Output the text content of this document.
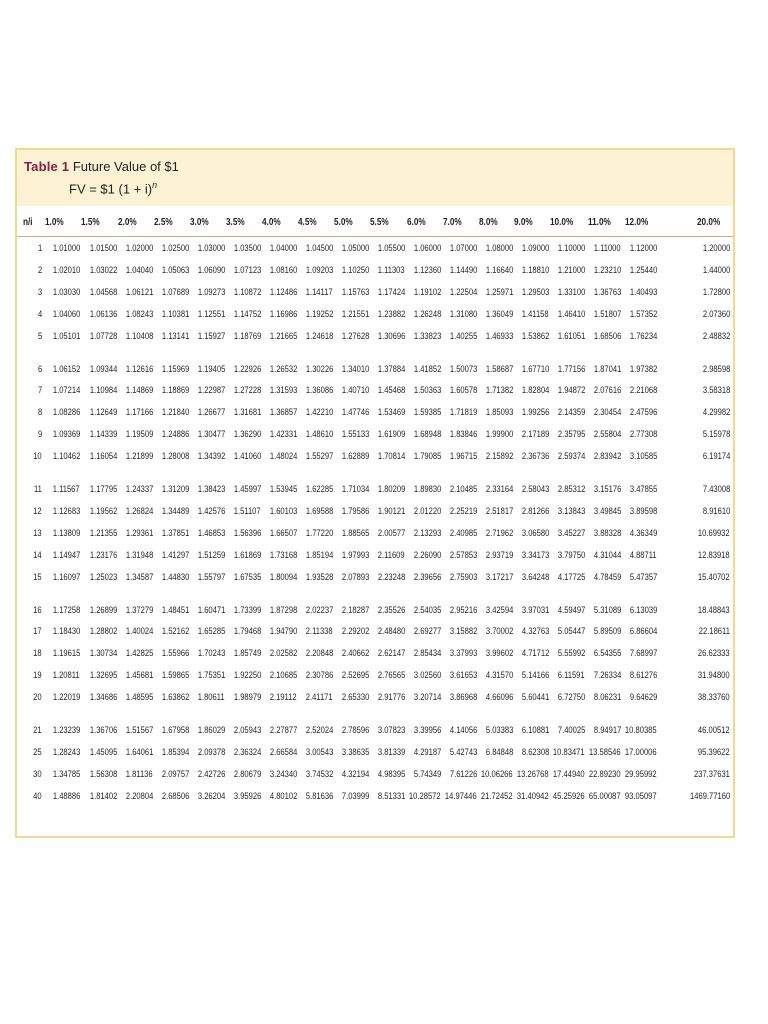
Table 1 Future Value of $1
FV = $1 $(1 + i)^n$
n/i 1.0% 1.5% 2.0% 2.5% 3.0% 3.5% 4.0% 4.5% 5.0% 5.5% 6.0% 7.0% 8.0% 9.0% 10.0% 11.0% 12.0%	20.0%
1 1.01000 1.01500 1.02000 1.02500 1.03000 1.03500 1.04000 1.04500 1.05000 1.05500 1.06000 1.07000 1.08000 1.09000 1.10000 1.11000 1.12000	1.20000
2 1.02010 1.03022 1.04040 1.05063 1.06090 1.07123 1.08160 1.09203 1.10250 1.11303 1.12360 1.14490 1.16640 1.18810 1.21000 1.23210 1.25440	1.44000
3 1.03030 1.04568 1.06121 1.07689 1.09273 1.10872 1.12486 1.14117 1.15763 1.17424 1.19102 1.22504 1.25971 1.29503 1.33100 1.36763 1.40493	1.72800
4 1.04060 1.06136 1.08243 1.10381 1.12551 1.14752 1.16986 1.19252 1.21551 1.23882 1.26248 1.31080 1.36049 1.41158 1.46410 1.51807 1.57352	2.07360
5 1.05101 1.07728 1.10408 1.13141 1.15927 1.18769 1.21665 1.24618 1.27628 1.30696 1.33823 1.40255 1.46933 1.53862 1.61051 1.68506 1.76234	2.48832
6 1.06152 1.09344 1.12616 1.15969 1.19405 1.22926 1.26532 1.30226 1.34010 1.37884 1.41852 1.50073 1.58687 1.67710 1.77156 1.87041 1.97382	2.98598
7 1.07214 1.10984 1.14869 1.18869 1.22987 1.27228 1.31593 1.36086 1.40710 1.45468 1.50363 1.60578 1.71382 1.82804 1.94872 2.07616 2.21068	3.58318
8 1.08286 1.12649 1.17166 1.21840 1.26677 1.31681 1.36857 1.42210 1.47746 1.53469 1.59385 1.71819 1.85093 1.99256 2.14359 2.30454 2.47596	4.29982
9 1.09369 1.14339 1.19509 1.24886 1.30477 1.36290 1.42331 1.48610 1.55133 1.61909 1.68948 1.83846 1.99900 2.17189 2.35795 2.55804 2.77308	5.15978
10 1.10462 1.16054 1.21899 1.28008 1.34392 1.41060 1.48024 1.55297 1.62889 1.70814 1.79085 1.96715 2.15892 2.36736 2.59374 2.83942 3.10585	6.19174
11 1.11567 1.17795 1.24337 1.31209 1.38423 1.45997 1.53945 1.62285 1.71034 1.80209 1.89830 2.10485 2.33164 2.58043 2.85312 3.15176 3.47855	7.43008
12 1.12683 1.19562 1.26824 1.34489 1.42576 1.51107 1.60103 1.69588 1.79586 1.90121 2.01220 2.25219 2.51817 2.81266 3.13843 3.49845 3.89598	8.91610
13 1.13809 1.21355 1.29361 1.37851 1.46853 1.56396 1.66507 1.77220 1.88565 2.00577 2.13293 2.40985 2.71962 3.06580 3.45227 3.88328 4.36349	10.69932
14 1.14947 1.23176 1.31948 1.41297 1.51259 1.61869 1.73168 1.85194 1.97993 2.11609 2.26090 2.57853 2.93719 3.34173 3.79750 4.31044 4.88711	12.83918
15 1.16097 1.25023 1.34587 1.44830 1.55797 1.67535 1.80094 1.93528 2.07893 2.23248 2.39656 2.75903 3.17217 3.64248 4.17725 4.78459 5.47357	15.40702
16 1.17258 1.26899 1.37279 1.48451 1.60471 1.73399 1.87298 2.02237 2.18287 2.35526 2.54035 2.95216 3.42594 3.97031 4.59497 5.31089 6.13039	18.48843
17 1.18430 1.28802 1.40024 1.52162 1.65285 1.79468 1.94790 2.11338 2.29202 2.48480 2.69277 3.15882 3.70002 4.32763 5.05447 5.89509 6.86604	22.18611
18 1.19615 1.30734 1.42825 1.55966 1.70243 1.85749 2.02582 2.20848 2.40662 2.62147 2.85434 3.37993 3.99602 4.71712 5.55992 6.54355 7.68997	26.62333
19 1.20811 1.32695 1.45681 1.59865 1.75351 1.92250 2.10685 2.30786 2.52695 2.76565 3.02560 3.61653 4.31570 5.14166 6.11591 7.26334 8.61276	31.94800
20 1.22019 1.34686 1.48595 1.63862 1.80611 1.98979 2.19112 2.41171 2.65330 2.91776 3.20714 3.86968 4.66096 5.60441 6.72750 8.06231 9.64629	38.33760
21 1.23239 1.36706 1.51567 1.67958 1.86029 2.05943 2.27877 2.52024 2.78596 3.07823 3.39956 4.14056 5.03383 6.10881 7.40025 8.94917 10.80385	46.00512
25 1.28243 1.45095 1.64061 1.85394 2.09378 2.36324 2.66584 3.00543 3.38635 3.81339 4.29187 5.42743 6.84848 8.62308 10.83471 13.58546 17.00006	95.39622
30 1.34785 1.56308 1.81136 2.09757 2.42726 2.80679 3.24340 3.74532 4.32194 4.98395 5.74349 7.61226 10.06266 13.26768 17.44940 22.89230 29.95992	237.37631
40 1.48886 1.81402 2.20804 2.68506 3.26204 3.95926 4.80102 5.81636 7.03999 8.51331 10.28572 14.97446 21.72452 31.40942 45.25926 65.00087 93.05097	1469.77160
